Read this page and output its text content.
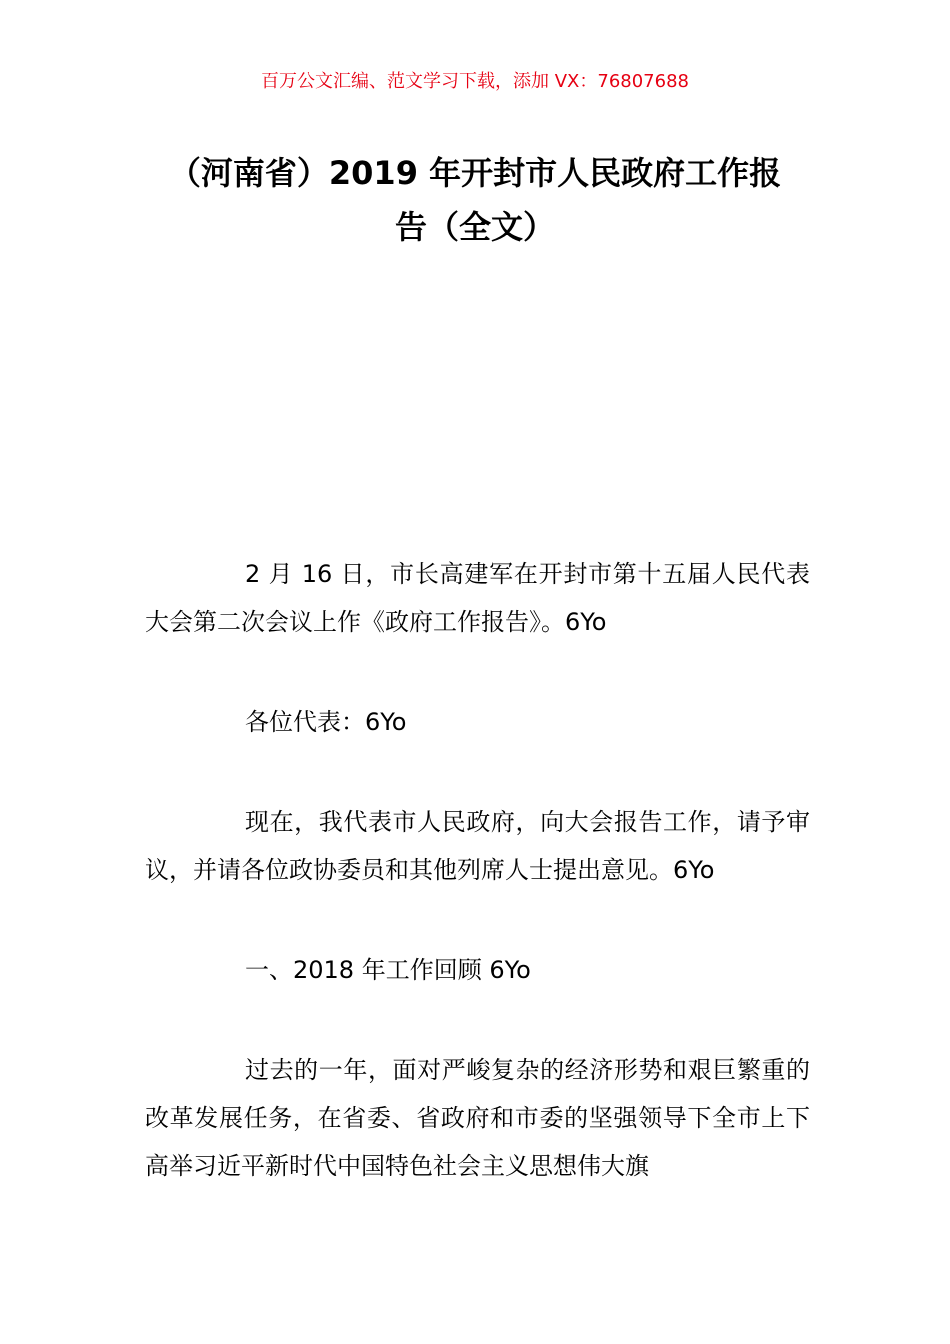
百万公文汇编、范文学习下载，添加 VX：76807688
（河南省）2019 年开封市人民政府工作报
告（全文）

2 月 16 日，市长高建军在开封市第十五届人民代表大会第二次会议上作《政府工作报告》。6Yo

各位代表：6Yo

现在，我代表市人民政府，向大会报告工作，请予审议，并请各位政协委员和其他列席人士提出意见。6Yo

一、2018 年工作回顾 6Yo

过去的一年，面对严峻复杂的经济形势和艰巨繁重的改革发展任务，在省委、省政府和市委的坚强领导下全市上下高举习近平新时代中国特色社会主义思想伟大旗
